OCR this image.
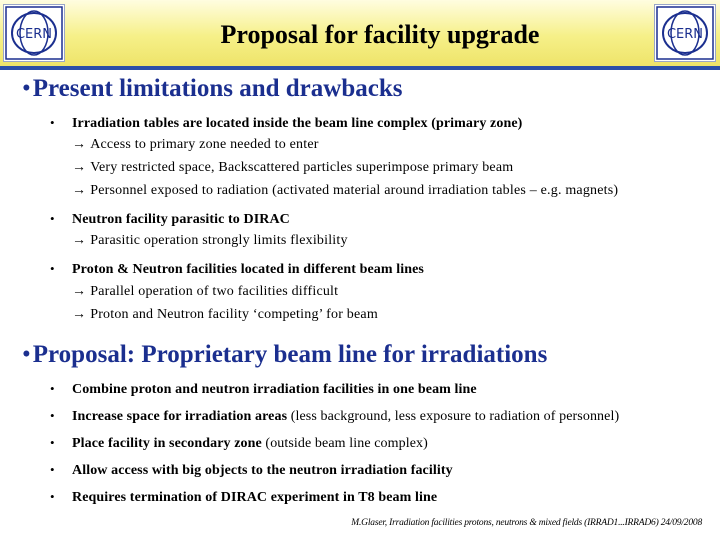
CERN	Proposal for facility upgrade	CERN
•Present limitations and drawbacks
• Irradiation tables are located inside the beam line complex (primary zone)
→ Access to primary zone needed to enter
→ Very restricted space, Backscattered particles superimpose primary beam
→ Personnel exposed to radiation (activated material around irradiation tables – e.g. magnets)
• Neutron facility parasitic to DIRAC
→ Parasitic operation strongly limits flexibility
• Proton & Neutron facilities located in different beam lines
→ Parallel operation of two facilities difficult
→ Proton and Neutron facility ‘competing’ for beam
•Proposal: Proprietary beam line for irradiations
• Combine proton and neutron irradiation facilities in one beam line
• Increase space for irradiation areas (less background, less exposure to radiation of personnel)
• Place facility in secondary zone (outside beam line complex)
• Allow access with big objects to the neutron irradiation facility
• Requires termination of DIRAC experiment in T8 beam line
M.Glaser, Irradiation facilities protons, neutrons & mixed fields (IRRAD1...IRRAD6) 24/09/2008
